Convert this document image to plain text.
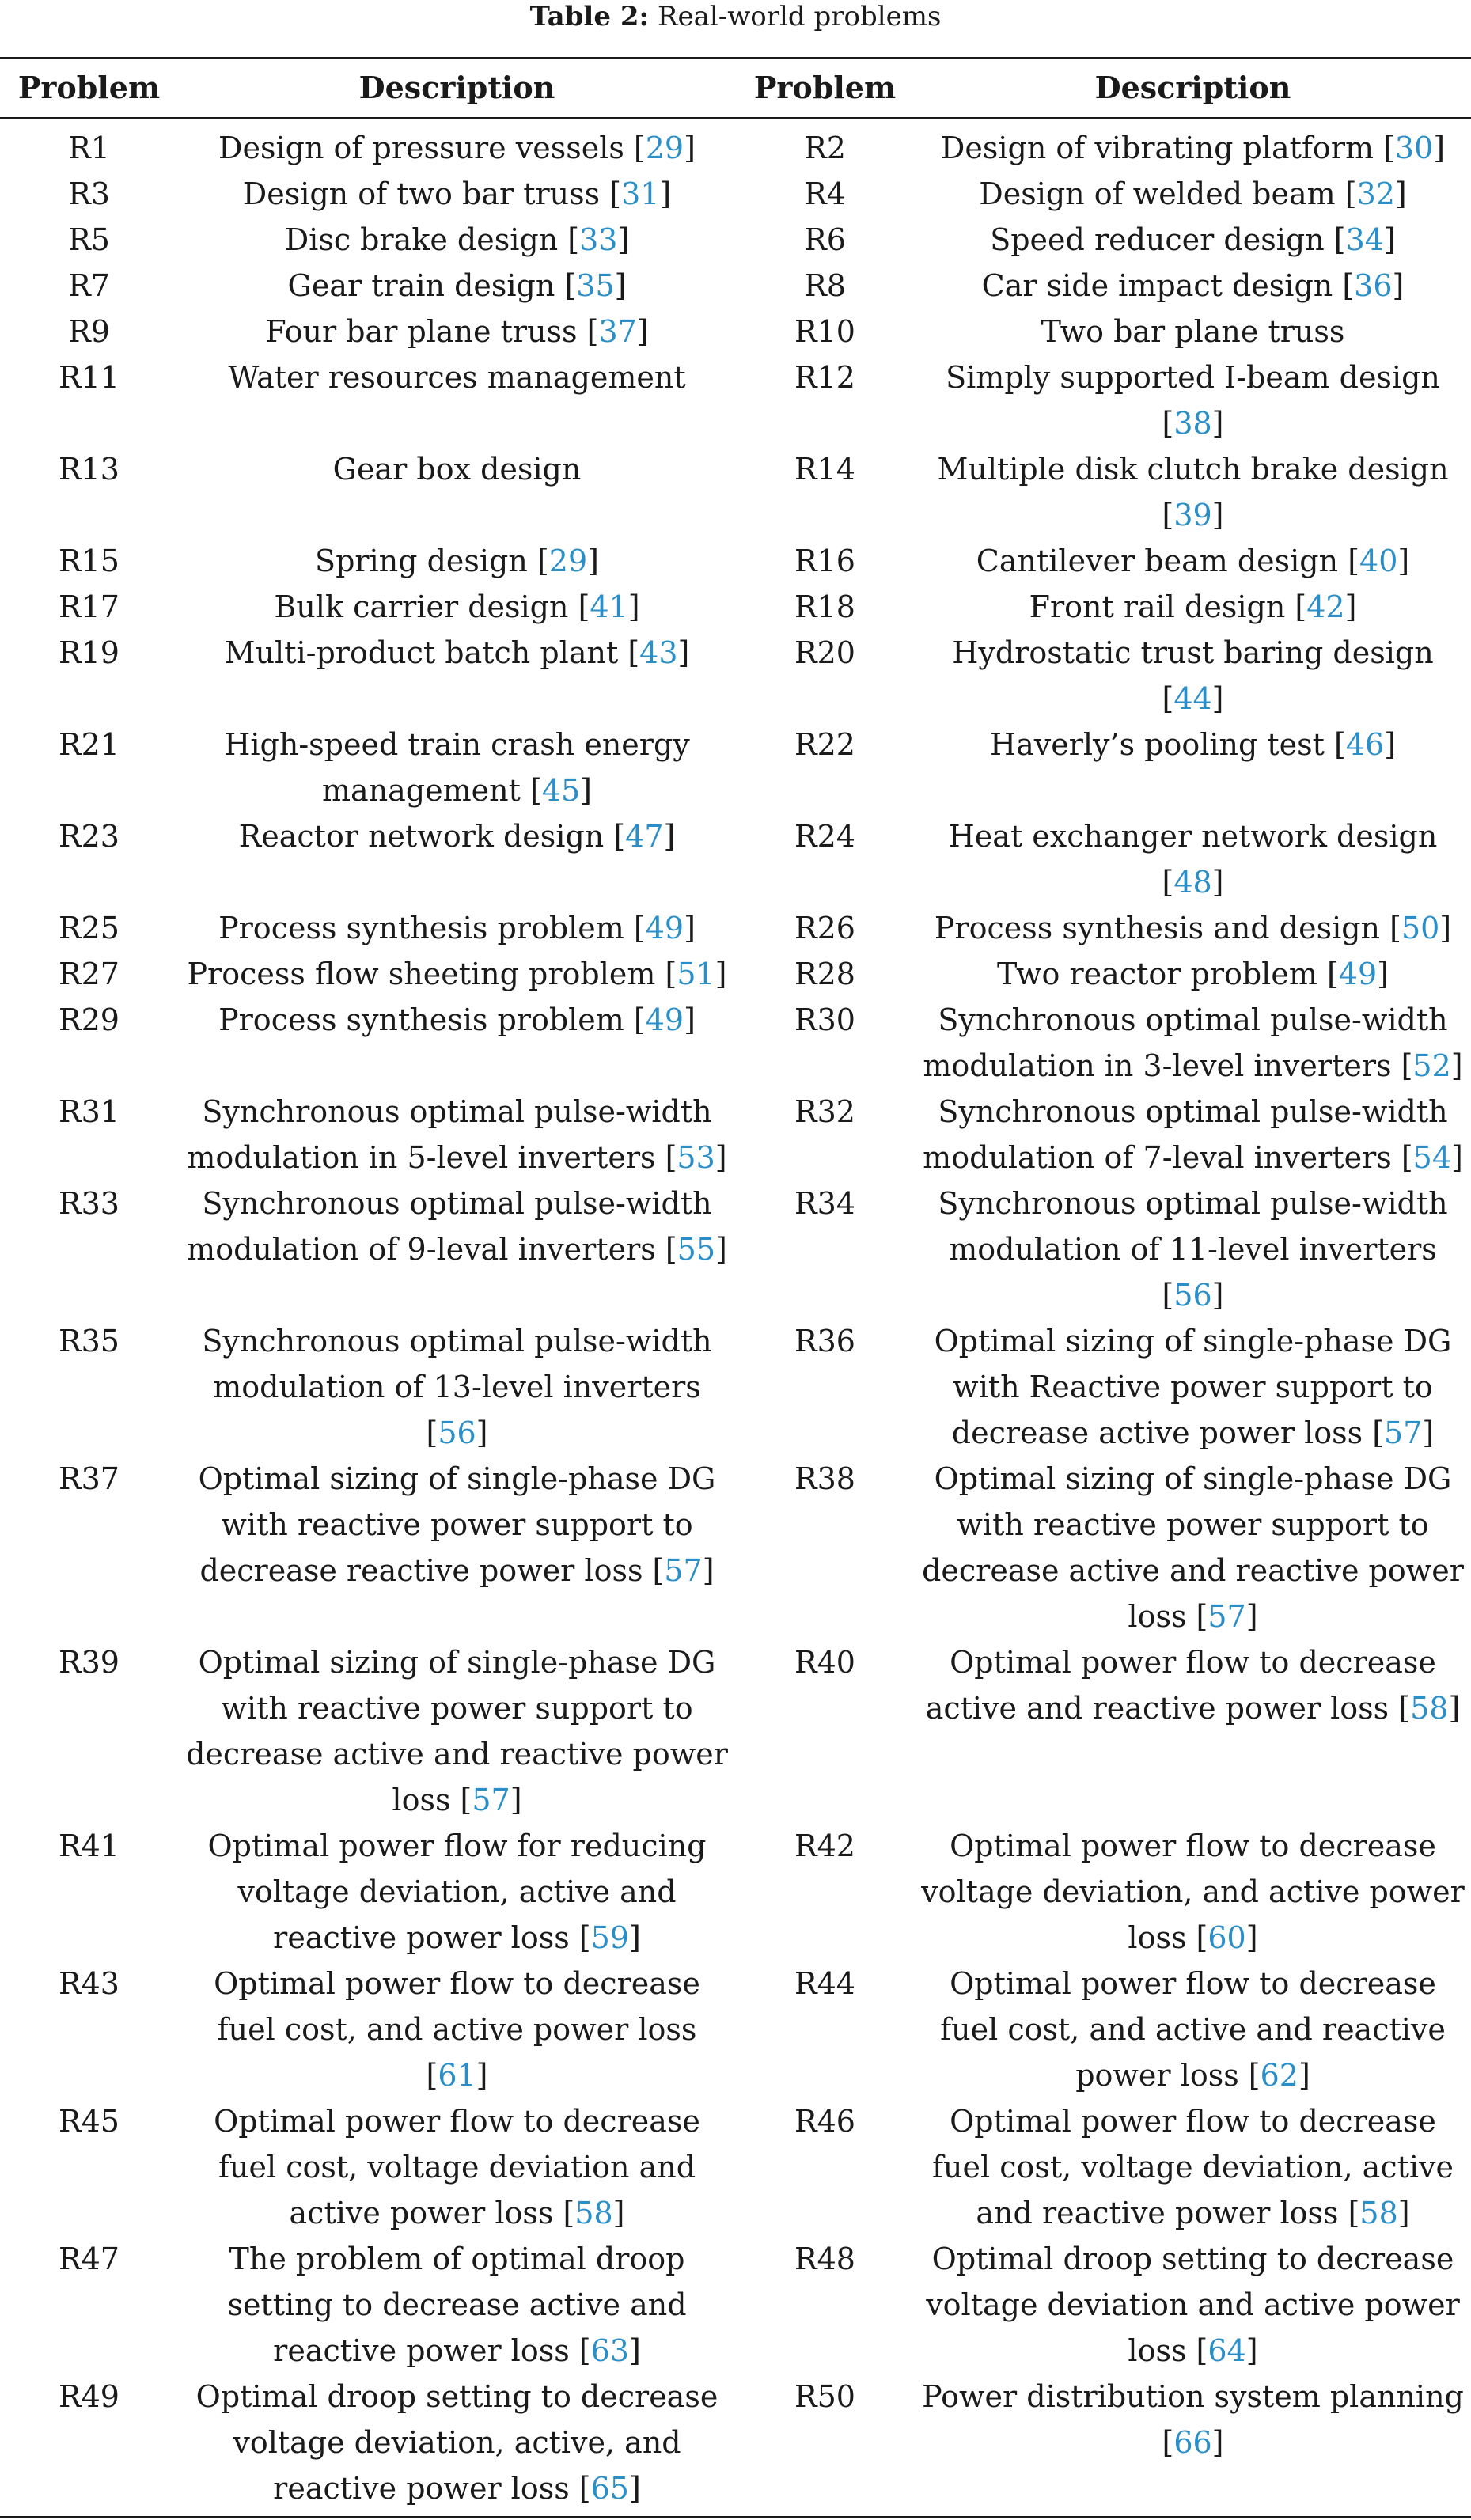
Table 2: Real-world problems
Problem	Description	Problem	Description
R1	Design of pressure vessels [29]	R2	Design of vibrating platform [30]
R3	Design of two bar truss [31]	R4	Design of welded beam [32]
R5	Disc brake design [33]	R6	Speed reducer design [34]
R7	Gear train design [35]	R8	Car side impact design [36]
R9	Four bar plane truss [37]	R10	Two bar plane truss
R11	Water resources management	R12	Simply supported I-beam design [38]
R13	Gear box design	R14	Multiple disk clutch brake design [39]
R15	Spring design [29]	R16	Cantilever beam design [40]
R17	Bulk carrier design [41]	R18	Front rail design [42]
R19	Multi-product batch plant [43]	R20	Hydrostatic trust baring design [44]
R21	High-speed train crash energy management [45]	R22	Haverly’s pooling test [46]
R23	Reactor network design [47]	R24	Heat exchanger network design [48]
R25	Process synthesis problem [49]	R26	Process synthesis and design [50]
R27	Process flow sheeting problem [51]	R28	Two reactor problem [49]
R29	Process synthesis problem [49]	R30	Synchronous optimal pulse-width modulation in 3-level inverters [52]
R31	Synchronous optimal pulse-width modulation in 5-level inverters [53]	R32	Synchronous optimal pulse-width modulation of 7-leval inverters [54]
R33	Synchronous optimal pulse-width modulation of 9-leval inverters [55]	R34	Synchronous optimal pulse-width modulation of 11-level inverters [56]
R35	Synchronous optimal pulse-width modulation of 13-level inverters [56]	R36	Optimal sizing of single-phase DG with Reactive power support to decrease active power loss [57]
R37	Optimal sizing of single-phase DG with reactive power support to decrease reactive power loss [57]	R38	Optimal sizing of single-phase DG with reactive power support to decrease active and reactive power loss [57]
R39	Optimal sizing of single-phase DG with reactive power support to decrease active and reactive power loss [57]	R40	Optimal power flow to decrease active and reactive power loss [58]
R41	Optimal power flow for reducing voltage deviation, active and reactive power loss [59]	R42	Optimal power flow to decrease voltage deviation, and active power loss [60]
R43	Optimal power flow to decrease fuel cost, and active power loss [61]	R44	Optimal power flow to decrease fuel cost, and active and reactive power loss [62]
R45	Optimal power flow to decrease fuel cost, voltage deviation and active power loss [58]	R46	Optimal power flow to decrease fuel cost, voltage deviation, active and reactive power loss [58]
R47	The problem of optimal droop setting to decrease active and reactive power loss [63]	R48	Optimal droop setting to decrease voltage deviation and active power loss [64]
R49	Optimal droop setting to decrease voltage deviation, active, and reactive power loss [65]	R50	Power distribution system planning [66]
